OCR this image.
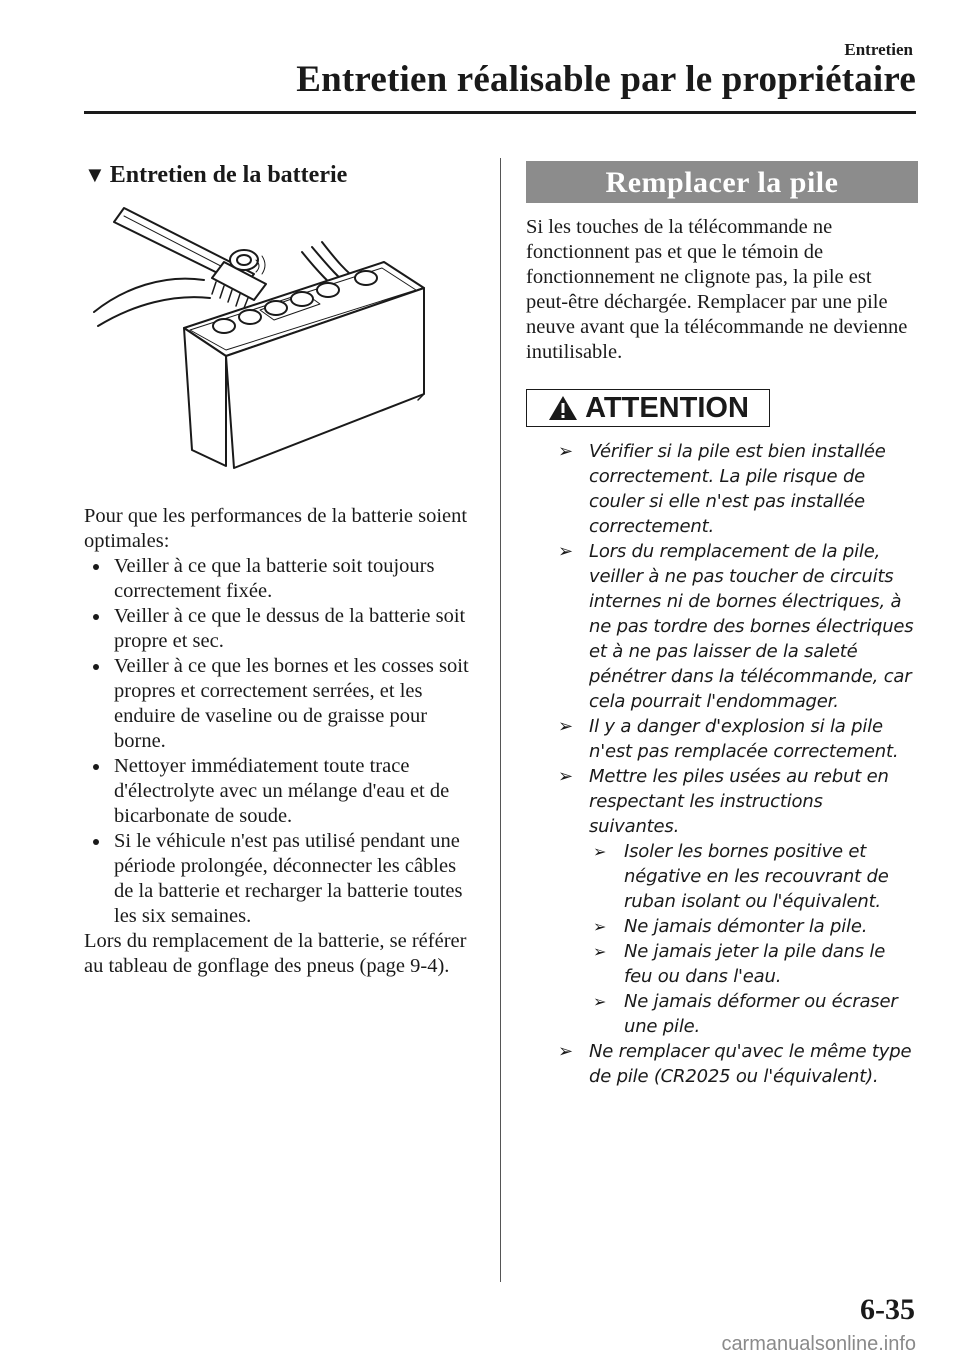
Entretien
Entretien réalisable par le propriétaire
▼ Entretien de la batterie
Pour que les performances de la batterie soient optimales:
Veiller à ce que la batterie soit toujours correctement fixée.
Veiller à ce que le dessus de la batterie soit propre et sec.
Veiller à ce que les bornes et les cosses soit propres et correctement serrées, et les enduire de vaseline ou de graisse pour borne.
Nettoyer immédiatement toute trace d'électrolyte avec un mélange d'eau et de bicarbonate de soude.
Si le véhicule n'est pas utilisé pendant une période prolongée, déconnecter les câbles de la batterie et recharger la batterie toutes les six semaines.
Lors du remplacement de la batterie, se référer au tableau de gonflage des pneus (page 9-4).
Remplacer la pile
Si les touches de la télécommande ne fonctionnent pas et que le témoin de fonctionnement ne clignote pas, la pile est peut-être déchargée. Remplacer par une pile neuve avant que la télécommande ne devienne inutilisable.
ATTENTION
➢ Vérifier si la pile est bien installée correctement. La pile risque de couler si elle n'est pas installée correctement.
➢ Lors du remplacement de la pile, veiller à ne pas toucher de circuits internes ni de bornes électriques, à ne pas tordre des bornes électriques et à ne pas laisser de la saleté pénétrer dans la télécommande, car cela pourrait l'endommager.
➢ Il y a danger d'explosion si la pile n'est pas remplacée correctement.
➢ Mettre les piles usées au rebut en respectant les instructions suivantes.
➢ Isoler les bornes positive et négative en les recouvrant de ruban isolant ou l'équivalent.
➢ Ne jamais démonter la pile.
➢ Ne jamais jeter la pile dans le feu ou dans l'eau.
➢ Ne jamais déformer ou écraser une pile.
➢ Ne remplacer qu'avec le même type de pile (CR2025 ou l'équivalent).
6-35
carmanualsonline.info
